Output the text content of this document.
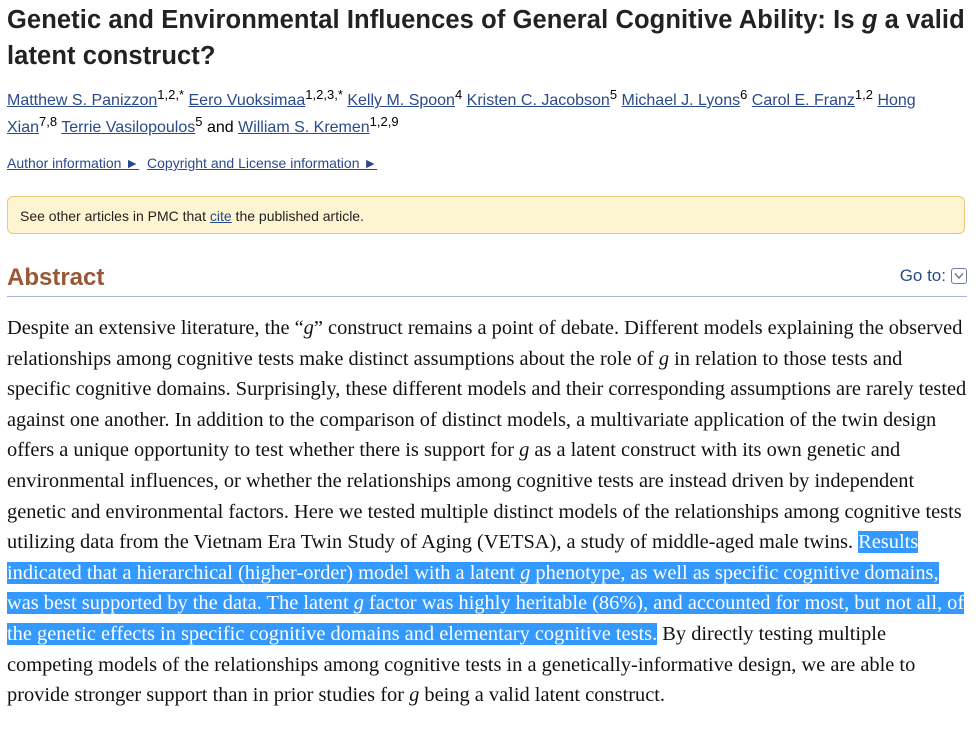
Genetic and Environmental Influences of General Cognitive Ability: Is g a valid latent construct?
Matthew S. Panizzon$^{1,2,*}$ Eero Vuoksimaa$^{1,2,3,*}$ Kelly M. Spoon$^4$ Kristen C. Jacobson$^5$ Michael J. Lyons$^6$ Carol E. Franz$^{1,2}$ Hong Xian$^{7,8}$ Terrie Vasilopoulos$^5$ and William S. Kremen$^{1,2,9}$
Author information ► Copyright and License information ►
See other articles in PMC that cite the published article.
Abstract	Go to:
Despite an extensive literature, the “g” construct remains a point of debate. Different models explaining the observed relationships among cognitive tests make distinct assumptions about the role of g in relation to those tests and specific cognitive domains. Surprisingly, these different models and their corresponding assumptions are rarely tested against one another. In addition to the comparison of distinct models, a multivariate application of the twin design offers a unique opportunity to test whether there is support for g as a latent construct with its own genetic and environmental influences, or whether the relationships among cognitive tests are instead driven by independent genetic and environmental factors. Here we tested multiple distinct models of the relationships among cognitive tests utilizing data from the Vietnam Era Twin Study of Aging (VETSA), a study of middle-aged male twins. Results indicated that a hierarchical (higher-order) model with a latent g phenotype, as well as specific cognitive domains, was best supported by the data. The latent g factor was highly heritable (86%), and accounted for most, but not all, of the genetic effects in specific cognitive domains and elementary cognitive tests. By directly testing multiple competing models of the relationships among cognitive tests in a genetically-informative design, we are able to provide stronger support than in prior studies for g being a valid latent construct.
